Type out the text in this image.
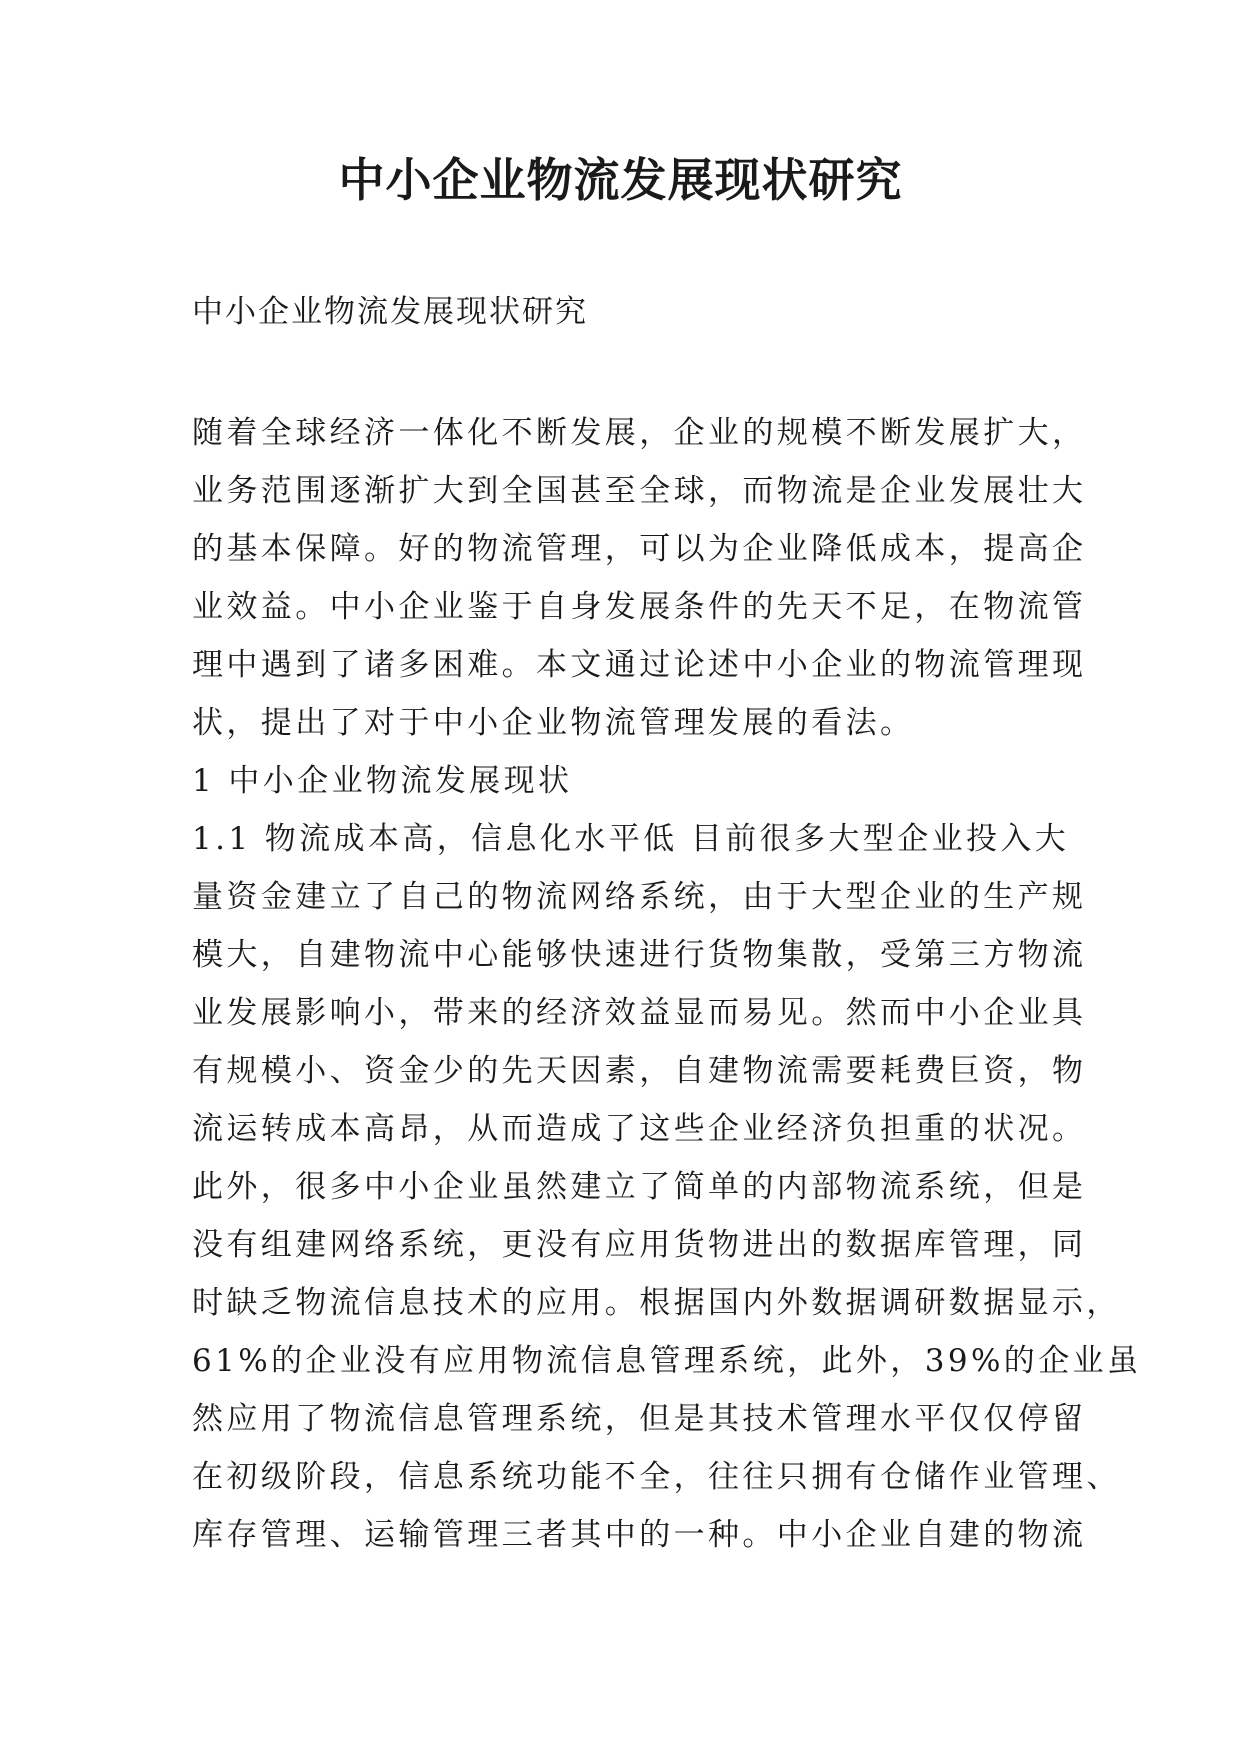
中小企业物流发展现状研究

中小企业物流发展现状研究

随着全球经济一体化不断发展，企业的规模不断发展扩大，
业务范围逐渐扩大到全国甚至全球，而物流是企业发展壮大
的基本保障。好的物流管理，可以为企业降低成本，提高企
业效益。中小企业鉴于自身发展条件的先天不足，在物流管
理中遇到了诸多困难。本文通过论述中小企业的物流管理现
状，提出了对于中小企业物流管理发展的看法。
1 中小企业物流发展现状
1.1 物流成本高，信息化水平低 目前很多大型企业投入大
量资金建立了自己的物流网络系统，由于大型企业的生产规
模大，自建物流中心能够快速进行货物集散，受第三方物流
业发展影响小，带来的经济效益显而易见。然而中小企业具
有规模小、资金少的先天因素，自建物流需要耗费巨资，物
流运转成本高昂，从而造成了这些企业经济负担重的状况。
此外，很多中小企业虽然建立了简单的内部物流系统，但是
没有组建网络系统，更没有应用货物进出的数据库管理，同
时缺乏物流信息技术的应用。根据国内外数据调研数据显示，
61%的企业没有应用物流信息管理系统，此外，39%的企业虽
然应用了物流信息管理系统，但是其技术管理水平仅仅停留
在初级阶段，信息系统功能不全，往往只拥有仓储作业管理、
库存管理、运输管理三者其中的一种。中小企业自建的物流
